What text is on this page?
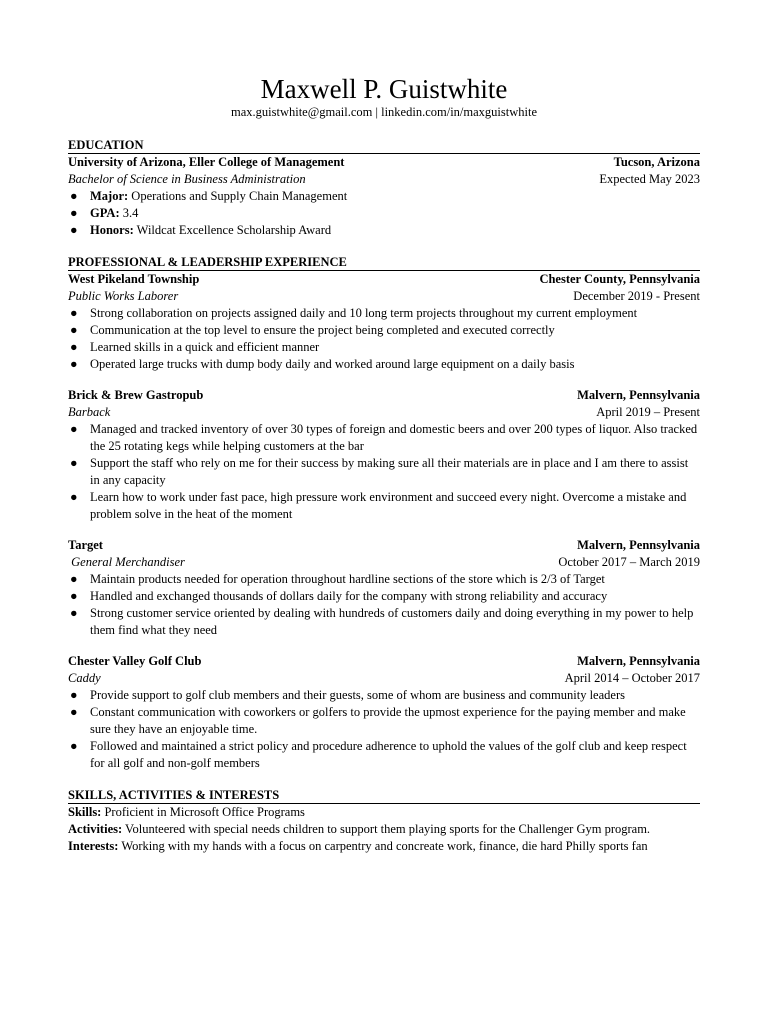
Maxwell P. Guistwhite
max.guistwhite@gmail.com | linkedin.com/in/maxguistwhite
EDUCATION
University of Arizona, Eller College of Management	Tucson, Arizona
Bachelor of Science in Business Administration	Expected May 2023
● Major: Operations and Supply Chain Management
● GPA: 3.4
● Honors: Wildcat Excellence Scholarship Award
PROFESSIONAL & LEADERSHIP EXPERIENCE
West Pikeland Township	Chester County, Pennsylvania
Public Works Laborer	December 2019 - Present
● Strong collaboration on projects assigned daily and 10 long term projects throughout my current employment
● Communication at the top level to ensure the project being completed and executed correctly
● Learned skills in a quick and efficient manner
● Operated large trucks with dump body daily and worked around large equipment on a daily basis
Brick & Brew Gastropub	Malvern, Pennsylvania
Barback	April 2019 – Present
● Managed and tracked inventory of over 30 types of foreign and domestic beers and over 200 types of liquor. Also tracked the 25 rotating kegs while helping customers at the bar
● Support the staff who rely on me for their success by making sure all their materials are in place and I am there to assist in any capacity
● Learn how to work under fast pace, high pressure work environment and succeed every night. Overcome a mistake and problem solve in the heat of the moment
Target	Malvern, Pennsylvania
General Merchandiser	October 2017 – March 2019
● Maintain products needed for operation throughout hardline sections of the store which is 2/3 of Target
● Handled and exchanged thousands of dollars daily for the company with strong reliability and accuracy
● Strong customer service oriented by dealing with hundreds of customers daily and doing everything in my power to help them find what they need
Chester Valley Golf Club	Malvern, Pennsylvania
Caddy	April 2014 – October 2017
● Provide support to golf club members and their guests, some of whom are business and community leaders
● Constant communication with coworkers or golfers to provide the upmost experience for the paying member and make sure they have an enjoyable time.
● Followed and maintained a strict policy and procedure adherence to uphold the values of the golf club and keep respect for all golf and non-golf members
SKILLS, ACTIVITIES & INTERESTS
Skills: Proficient in Microsoft Office Programs
Activities: Volunteered with special needs children to support them playing sports for the Challenger Gym program.
Interests: Working with my hands with a focus on carpentry and concreate work, finance, die hard Philly sports fan
